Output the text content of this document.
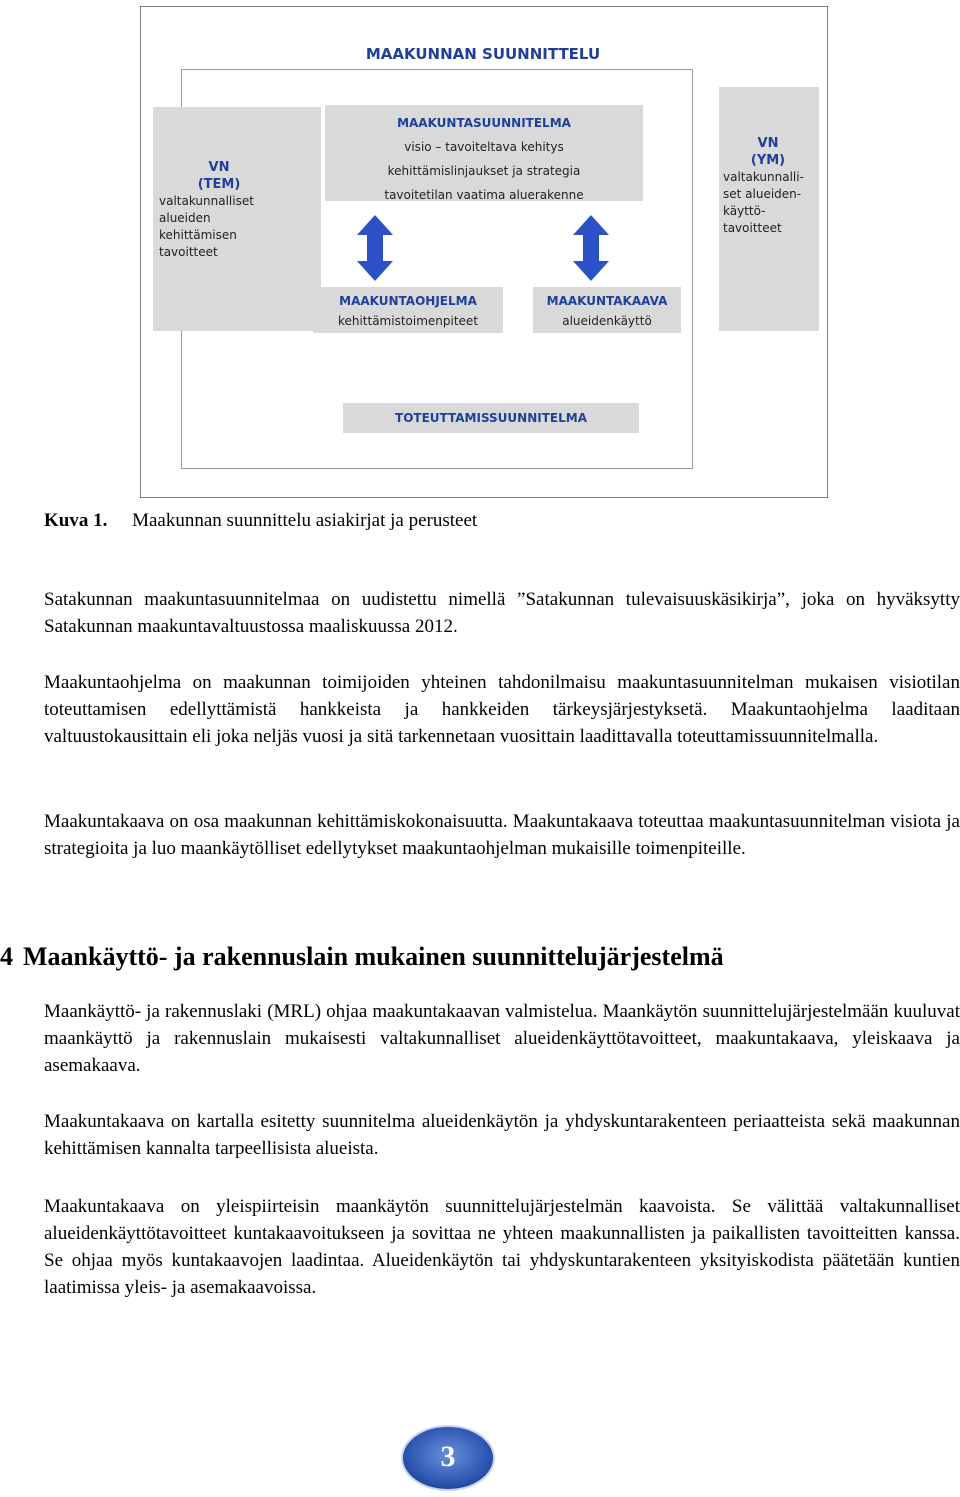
MAAKUNNAN SUUNNITTELU
VN
(TEM)
valtakunnalliset
alueiden
kehittämisen
tavoitteet
VN
(YM)
valtakunnalli-
set alueiden-
käyttö-
tavoitteet
MAAKUNTASUUNNITELMA
visio – tavoiteltava kehitys
kehittämislinjaukset ja strategia
tavoitetilan vaatima aluerakenne
MAAKUNTAOHJELMA
kehittämistoimenpiteet
MAAKUNTAKAAVA
alueidenkäyttö
TOTEUTTAMISSUUNNITELMA
Kuva 1. Maakunnan suunnittelu asiakirjat ja perusteet

Satakunnan maakuntasuunnitelmaa on uudistettu nimellä ”Satakunnan tulevaisuuskäsikirja”, joka on hyväksytty Satakunnan maakuntavaltuustossa maaliskuussa 2012.

Maakuntaohjelma on maakunnan toimijoiden yhteinen tahdonilmaisu maakuntasuunnitelman mukaisen visiotilan toteuttamisen edellyttämistä hankkeista ja hankkeiden tärkeysjärjestyksetä. Maakuntaohjelma laaditaan valtuustokausittain eli joka neljäs vuosi ja sitä tarkennetaan vuosittain laadittavalla toteuttamissuunnitelmalla.

Maakuntakaava on osa maakunnan kehittämiskokonaisuutta. Maakuntakaava toteuttaa maakuntasuunnitelman visiota ja strategioita ja luo maankäytölliset edellytykset maakuntaohjelman mukaisille toimenpiteille.

4 Maankäyttö- ja rakennuslain mukainen suunnittelujärjestelmä

Maankäyttö- ja rakennuslaki (MRL) ohjaa maakuntakaavan valmistelua. Maankäytön suunnittelujärjestelmään kuuluvat maankäyttö ja rakennuslain mukaisesti valtakunnalliset alueidenkäyttötavoitteet, maakuntakaava, yleiskaava ja asemakaava.

Maakuntakaava on kartalla esitetty suunnitelma alueidenkäytön ja yhdyskuntarakenteen periaatteista sekä maakunnan kehittämisen kannalta tarpeellisista alueista.

Maakuntakaava on yleispiirteisin maankäytön suunnittelujärjestelmän kaavoista. Se välittää valtakunnalliset alueidenkäyttötavoitteet kuntakaavoitukseen ja sovittaa ne yhteen maakunnallisten ja paikallisten tavoitteitten kanssa. Se ohjaa myös kuntakaavojen laadintaa. Alueidenkäytön tai yhdyskuntarakenteen yksityiskodista päätetään kuntien laatimissa yleis- ja asemakaavoissa.

3
